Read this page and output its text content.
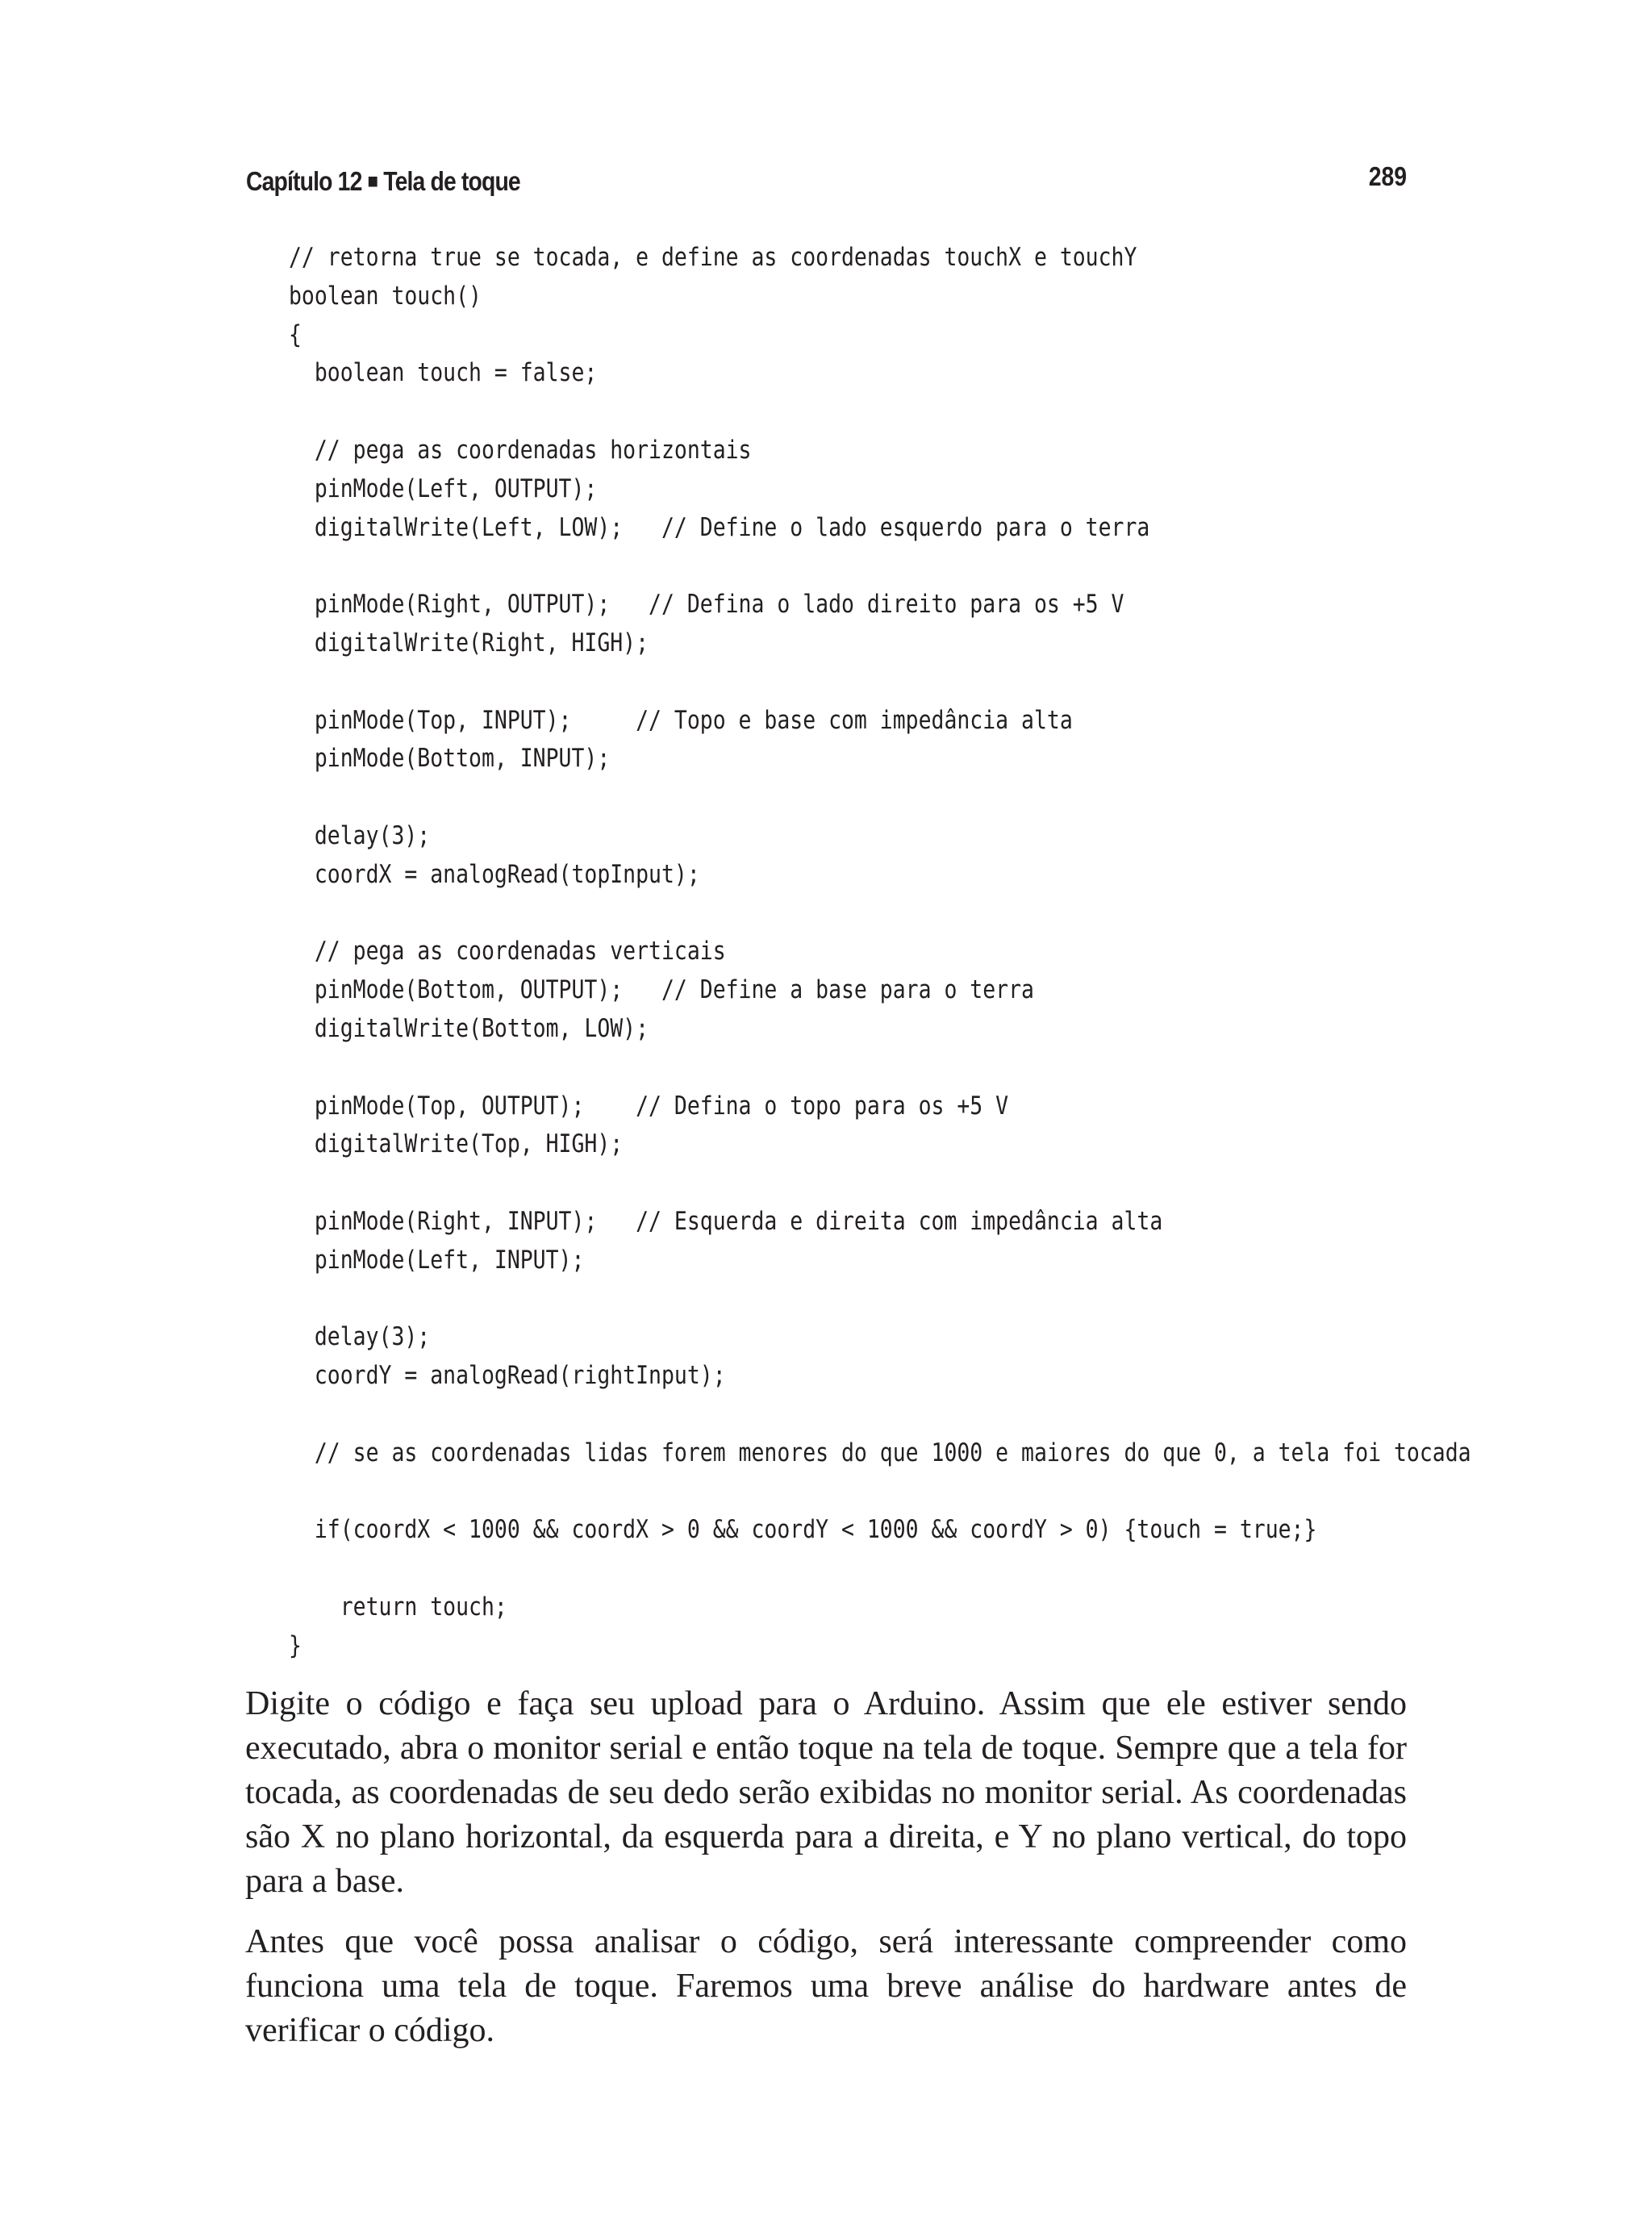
Capítulo 12 ■ Tela de toque	289
// retorna true se tocada, e define as coordenadas touchX e touchY
boolean touch()
{
boolean touch = false;
// pega as coordenadas horizontais
pinMode(Left, OUTPUT);
digitalWrite(Left, LOW);   // Define o lado esquerdo para o terra
pinMode(Right, OUTPUT);   // Defina o lado direito para os +5 V
digitalWrite(Right, HIGH);
pinMode(Top, INPUT);     // Topo e base com impedância alta
pinMode(Bottom, INPUT);
delay(3);
coordX = analogRead(topInput);
// pega as coordenadas verticais
pinMode(Bottom, OUTPUT);   // Define a base para o terra
digitalWrite(Bottom, LOW);
pinMode(Top, OUTPUT);    // Defina o topo para os +5 V
digitalWrite(Top, HIGH);
pinMode(Right, INPUT);   // Esquerda e direita com impedância alta
pinMode(Left, INPUT);
delay(3);
coordY = analogRead(rightInput);
// se as coordenadas lidas forem menores do que 1000 e maiores do que 0, a tela foi tocada
if(coordX < 1000 && coordX > 0 && coordY < 1000 && coordY > 0) {touch = true;}
return touch;
}

Digite o código e faça seu upload para o Arduino. Assim que ele estiver sendo executado, abra o monitor serial e então toque na tela de toque. Sempre que a tela for tocada, as coordenadas de seu dedo serão exibidas no monitor serial. As coordenadas são X no plano horizontal, da esquerda para a direita, e Y no plano vertical, do topo para a base.

Antes que você possa analisar o código, será interessante compreender como funciona uma tela de toque. Faremos uma breve análise do hardware antes de verificar o código.
